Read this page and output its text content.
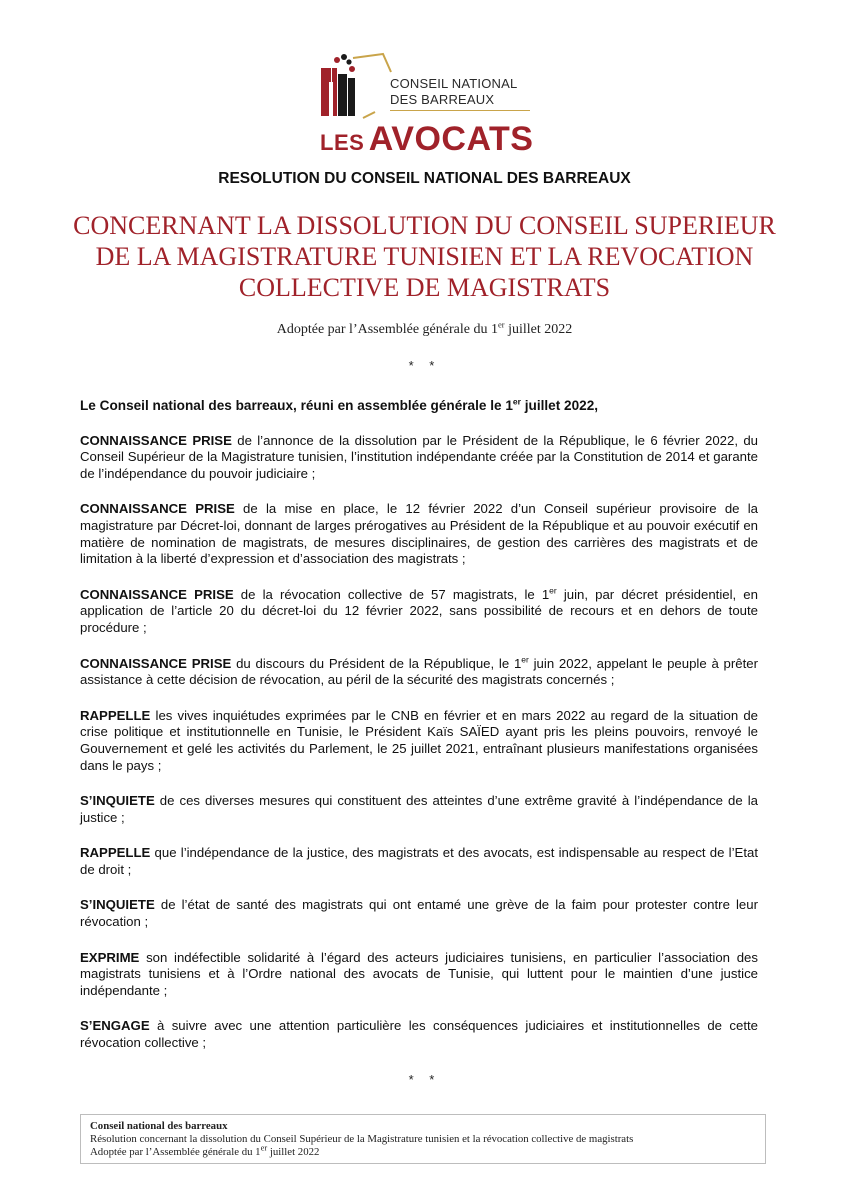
CONSEIL NATIONAL
DES BARREAUX
LES AVOCATS
RESOLUTION DU CONSEIL NATIONAL DES BARREAUX
CONCERNANT LA DISSOLUTION DU CONSEIL SUPERIEUR DE LA MAGISTRATURE TUNISIEN ET LA REVOCATION COLLECTIVE DE MAGISTRATS
Adoptée par l’Assemblée générale du 1er juillet 2022
* *

Le Conseil national des barreaux, réuni en assemblée générale le 1er juillet 2022,

CONNAISSANCE PRISE de l’annonce de la dissolution par le Président de la République, le 6 février 2022, du Conseil Supérieur de la Magistrature tunisien, l’institution indépendante créée par la Constitution de 2014 et garante de l’indépendance du pouvoir judiciaire ;

CONNAISSANCE PRISE de la mise en place, le 12 février 2022 d’un Conseil supérieur provisoire de la magistrature par Décret-loi, donnant de larges prérogatives au Président de la République et au pouvoir exécutif en matière de nomination de magistrats, de mesures disciplinaires, de gestion des carrières des magistrats et de limitation à la liberté d’expression et d’association des magistrats ;

CONNAISSANCE PRISE de la révocation collective de 57 magistrats, le 1er juin, par décret présidentiel, en application de l’article 20 du décret-loi du 12 février 2022, sans possibilité de recours et en dehors de toute procédure ;

CONNAISSANCE PRISE du discours du Président de la République, le 1er juin 2022, appelant le peuple à prêter assistance à cette décision de révocation, au péril de la sécurité des magistrats concernés ;

RAPPELLE les vives inquiétudes exprimées par le CNB en février et en mars 2022 au regard de la situation de crise politique et institutionnelle en Tunisie, le Président Kaïs SAÏED ayant pris les pleins pouvoirs, renvoyé le Gouvernement et gelé les activités du Parlement, le 25 juillet 2021, entraînant plusieurs manifestations organisées dans le pays ;

S’INQUIETE de ces diverses mesures qui constituent des atteintes d’une extrême gravité à l’indépendance de la justice ;

RAPPELLE que l’indépendance de la justice, des magistrats et des avocats, est indispensable au respect de l’Etat de droit ;

S’INQUIETE de l’état de santé des magistrats qui ont entamé une grève de la faim pour protester contre leur révocation ;

EXPRIME son indéfectible solidarité à l’égard des acteurs judiciaires tunisiens, en particulier l’association des magistrats tunisiens et à l’Ordre national des avocats de Tunisie, qui luttent pour le maintien d’une justice indépendante ;

S’ENGAGE à suivre avec une attention particulière les conséquences judiciaires et institutionnelles de cette révocation collective ;

* *
Conseil national des barreaux
Résolution concernant la dissolution du Conseil Supérieur de la Magistrature tunisien et la révocation collective de magistrats
Adoptée par l’Assemblée générale du 1er juillet 2022
